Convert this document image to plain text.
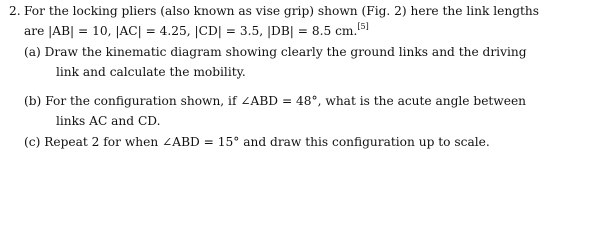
2. For the locking pliers (also known as vise grip) shown (Fig. 2) here the link lengths
are |AB| = 10, |AC| = 4.25, |CD| = 3.5, |DB| = 8.5 cm.[5]
(a) Draw the kinematic diagram showing clearly the ground links and the driving
link and calculate the mobility.
(b) For the configuration shown, if ∠ABD = 48°, what is the acute angle between
links AC and CD.
(c) Repeat 2 for when ∠ABD = 15° and draw this configuration up to scale.
